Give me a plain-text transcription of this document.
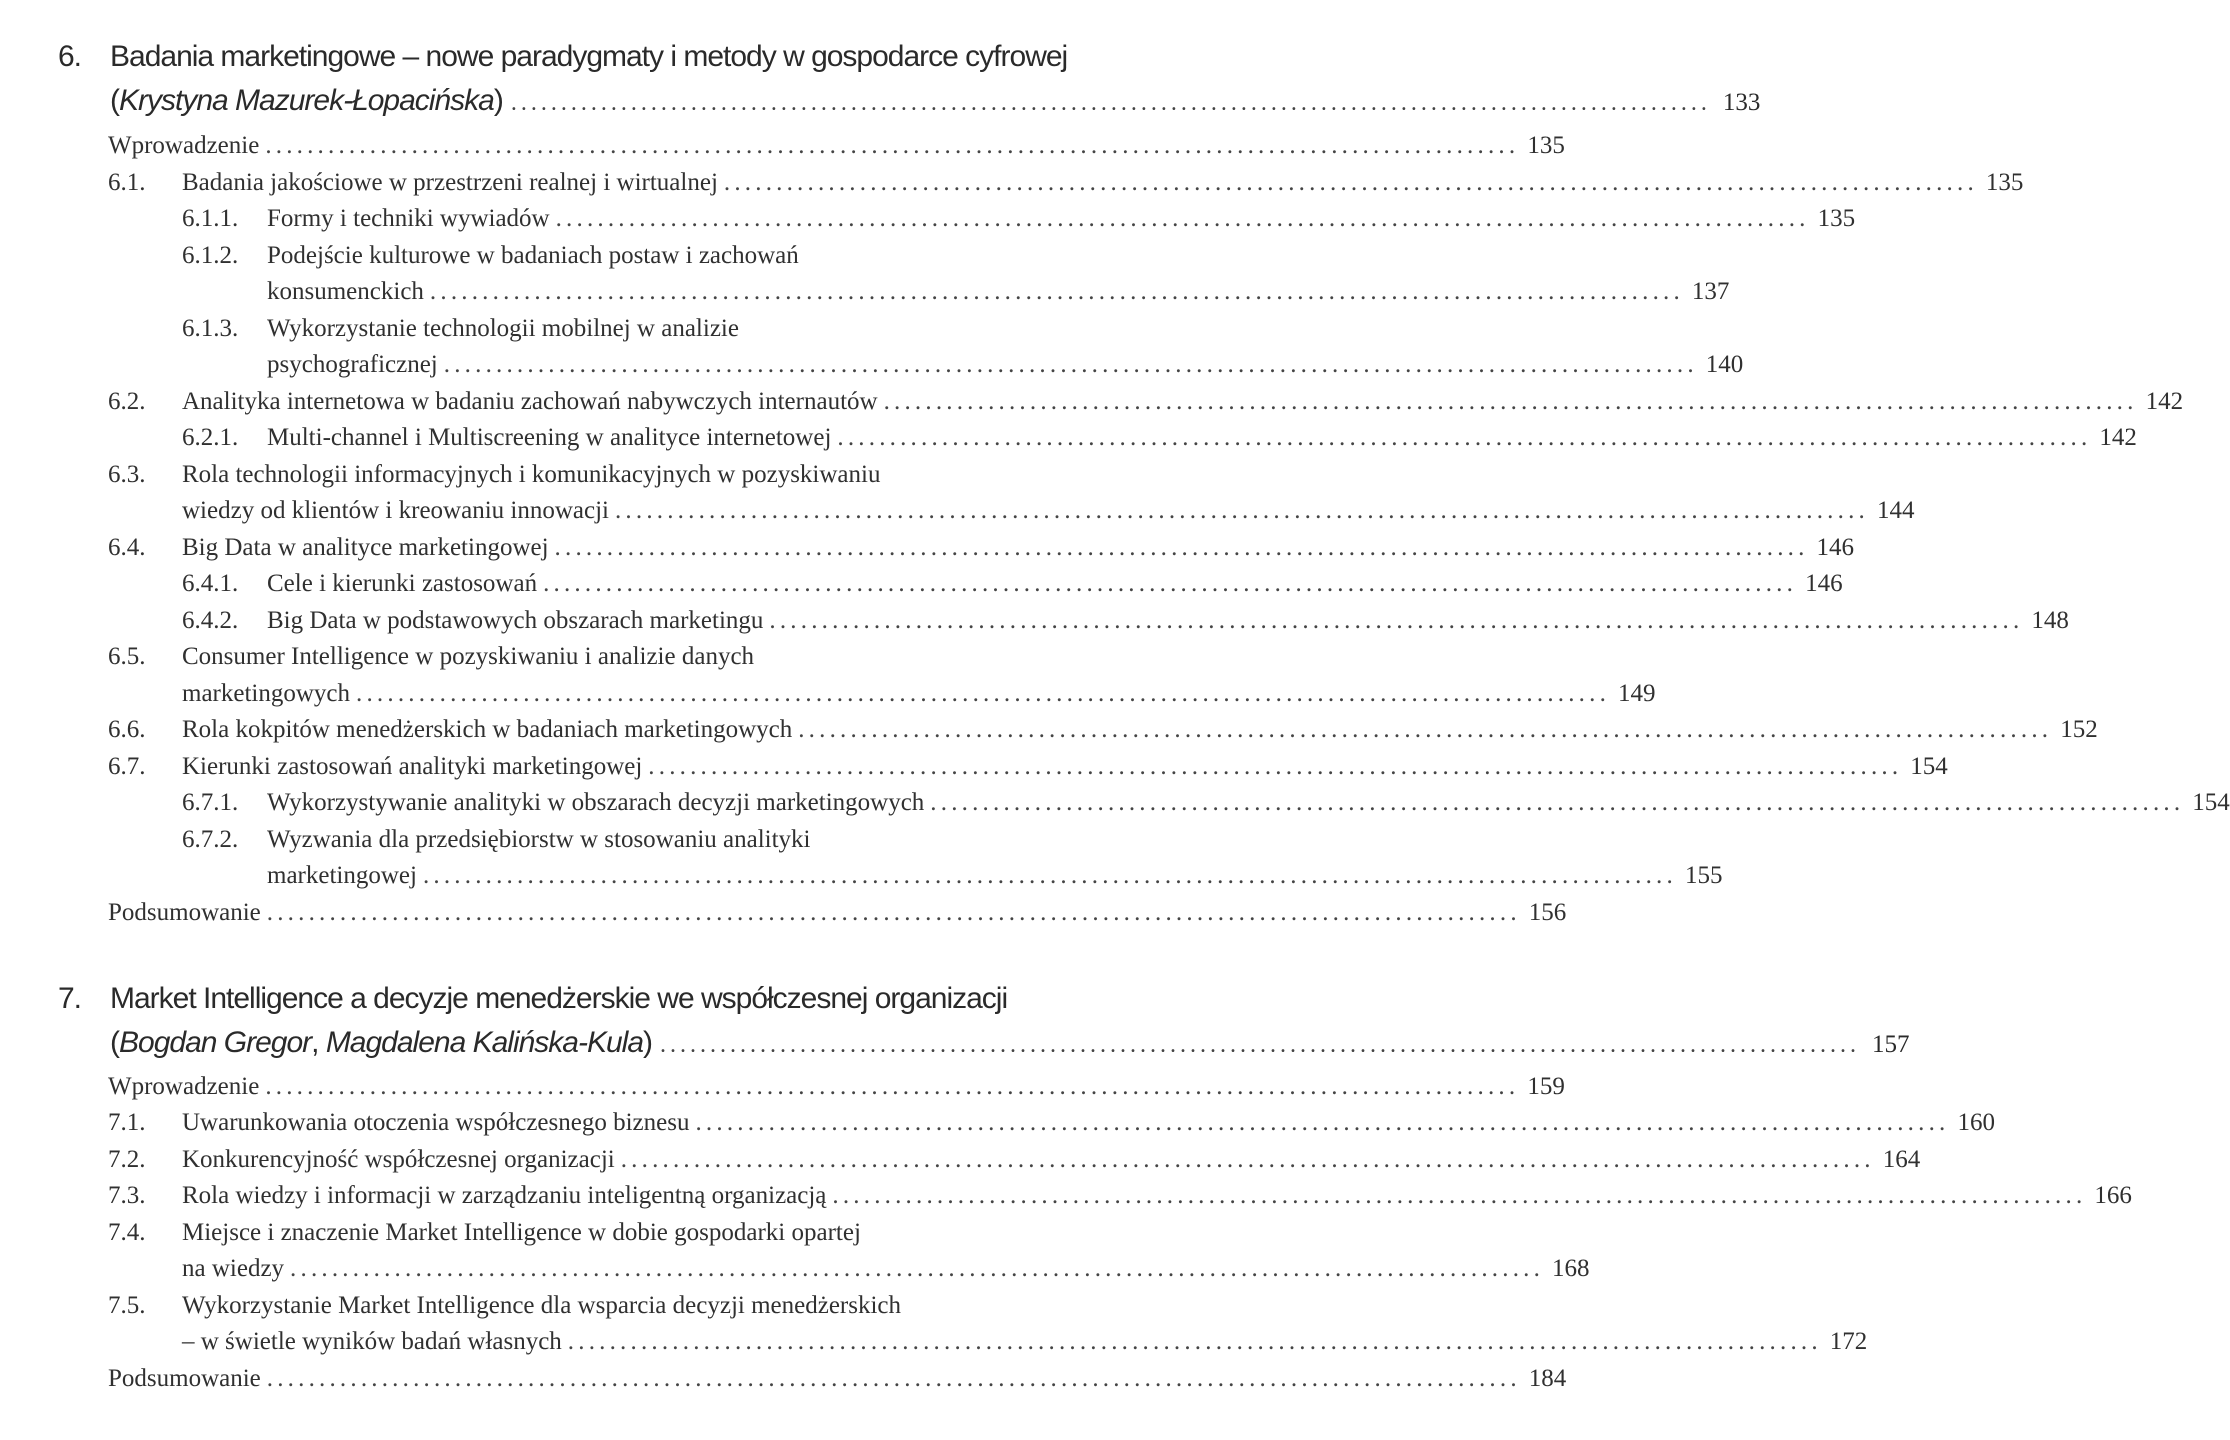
6. Badania marketingowe – nowe paradygmaty i metody w gospodarce cyfrowej
( Krystyna Mazurek-Łopacińska ) ........................................................................................................................ 133
Wprowadzenie ........................................................................................................................ 135
6.1. Badania jakościowe w przestrzeni realnej i wirtualnej ........................................................................................................................ 135
6.1.1. Formy i techniki wywiadów ........................................................................................................................ 135
6.1.2. Podejście kulturowe w badaniach postaw i zachowań
konsumenckich ........................................................................................................................ 137
6.1.3. Wykorzystanie technologii mobilnej w analizie
psychograficznej ........................................................................................................................ 140
6.2. Analityka internetowa w badaniu zachowań nabywczych internautów ........................................................................................................................ 142
6.2.1. Multi-channel i Multiscreening w analityce internetowej ........................................................................................................................ 142
6.3. Rola technologii informacyjnych i komunikacyjnych w pozyskiwaniu
wiedzy od klientów i kreowaniu innowacji ........................................................................................................................ 144
6.4. Big Data w analityce marketingowej ........................................................................................................................ 146
6.4.1. Cele i kierunki zastosowań ........................................................................................................................ 146
6.4.2. Big Data w podstawowych obszarach marketingu ........................................................................................................................ 148
6.5. Consumer Intelligence w pozyskiwaniu i analizie danych
marketingowych ........................................................................................................................ 149
6.6. Rola kokpitów menedżerskich w badaniach marketingowych ........................................................................................................................ 152
6.7. Kierunki zastosowań analityki marketingowej ........................................................................................................................ 154
6.7.1. Wykorzystywanie analityki w obszarach decyzji marketingowych ........................................................................................................................ 154
6.7.2. Wyzwania dla przedsiębiorstw w stosowaniu analityki
marketingowej ........................................................................................................................ 155
Podsumowanie ........................................................................................................................ 156
7. Market Intelligence a decyzje menedżerskie we współczesnej organizacji
( Bogdan Gregor , Magdalena Kalińska-Kula ) ........................................................................................................................ 157
Wprowadzenie ........................................................................................................................ 159
7.1. Uwarunkowania otoczenia współczesnego biznesu ........................................................................................................................ 160
7.2. Konkurencyjność współczesnej organizacji ........................................................................................................................ 164
7.3. Rola wiedzy i informacji w zarządzaniu inteligentną organizacją ........................................................................................................................ 166
7.4. Miejsce i znaczenie Market Intelligence w dobie gospodarki opartej
na wiedzy ........................................................................................................................ 168
7.5. Wykorzystanie Market Intelligence dla wsparcia decyzji menedżerskich
– w świetle wyników badań własnych ........................................................................................................................ 172
Podsumowanie ........................................................................................................................ 184
